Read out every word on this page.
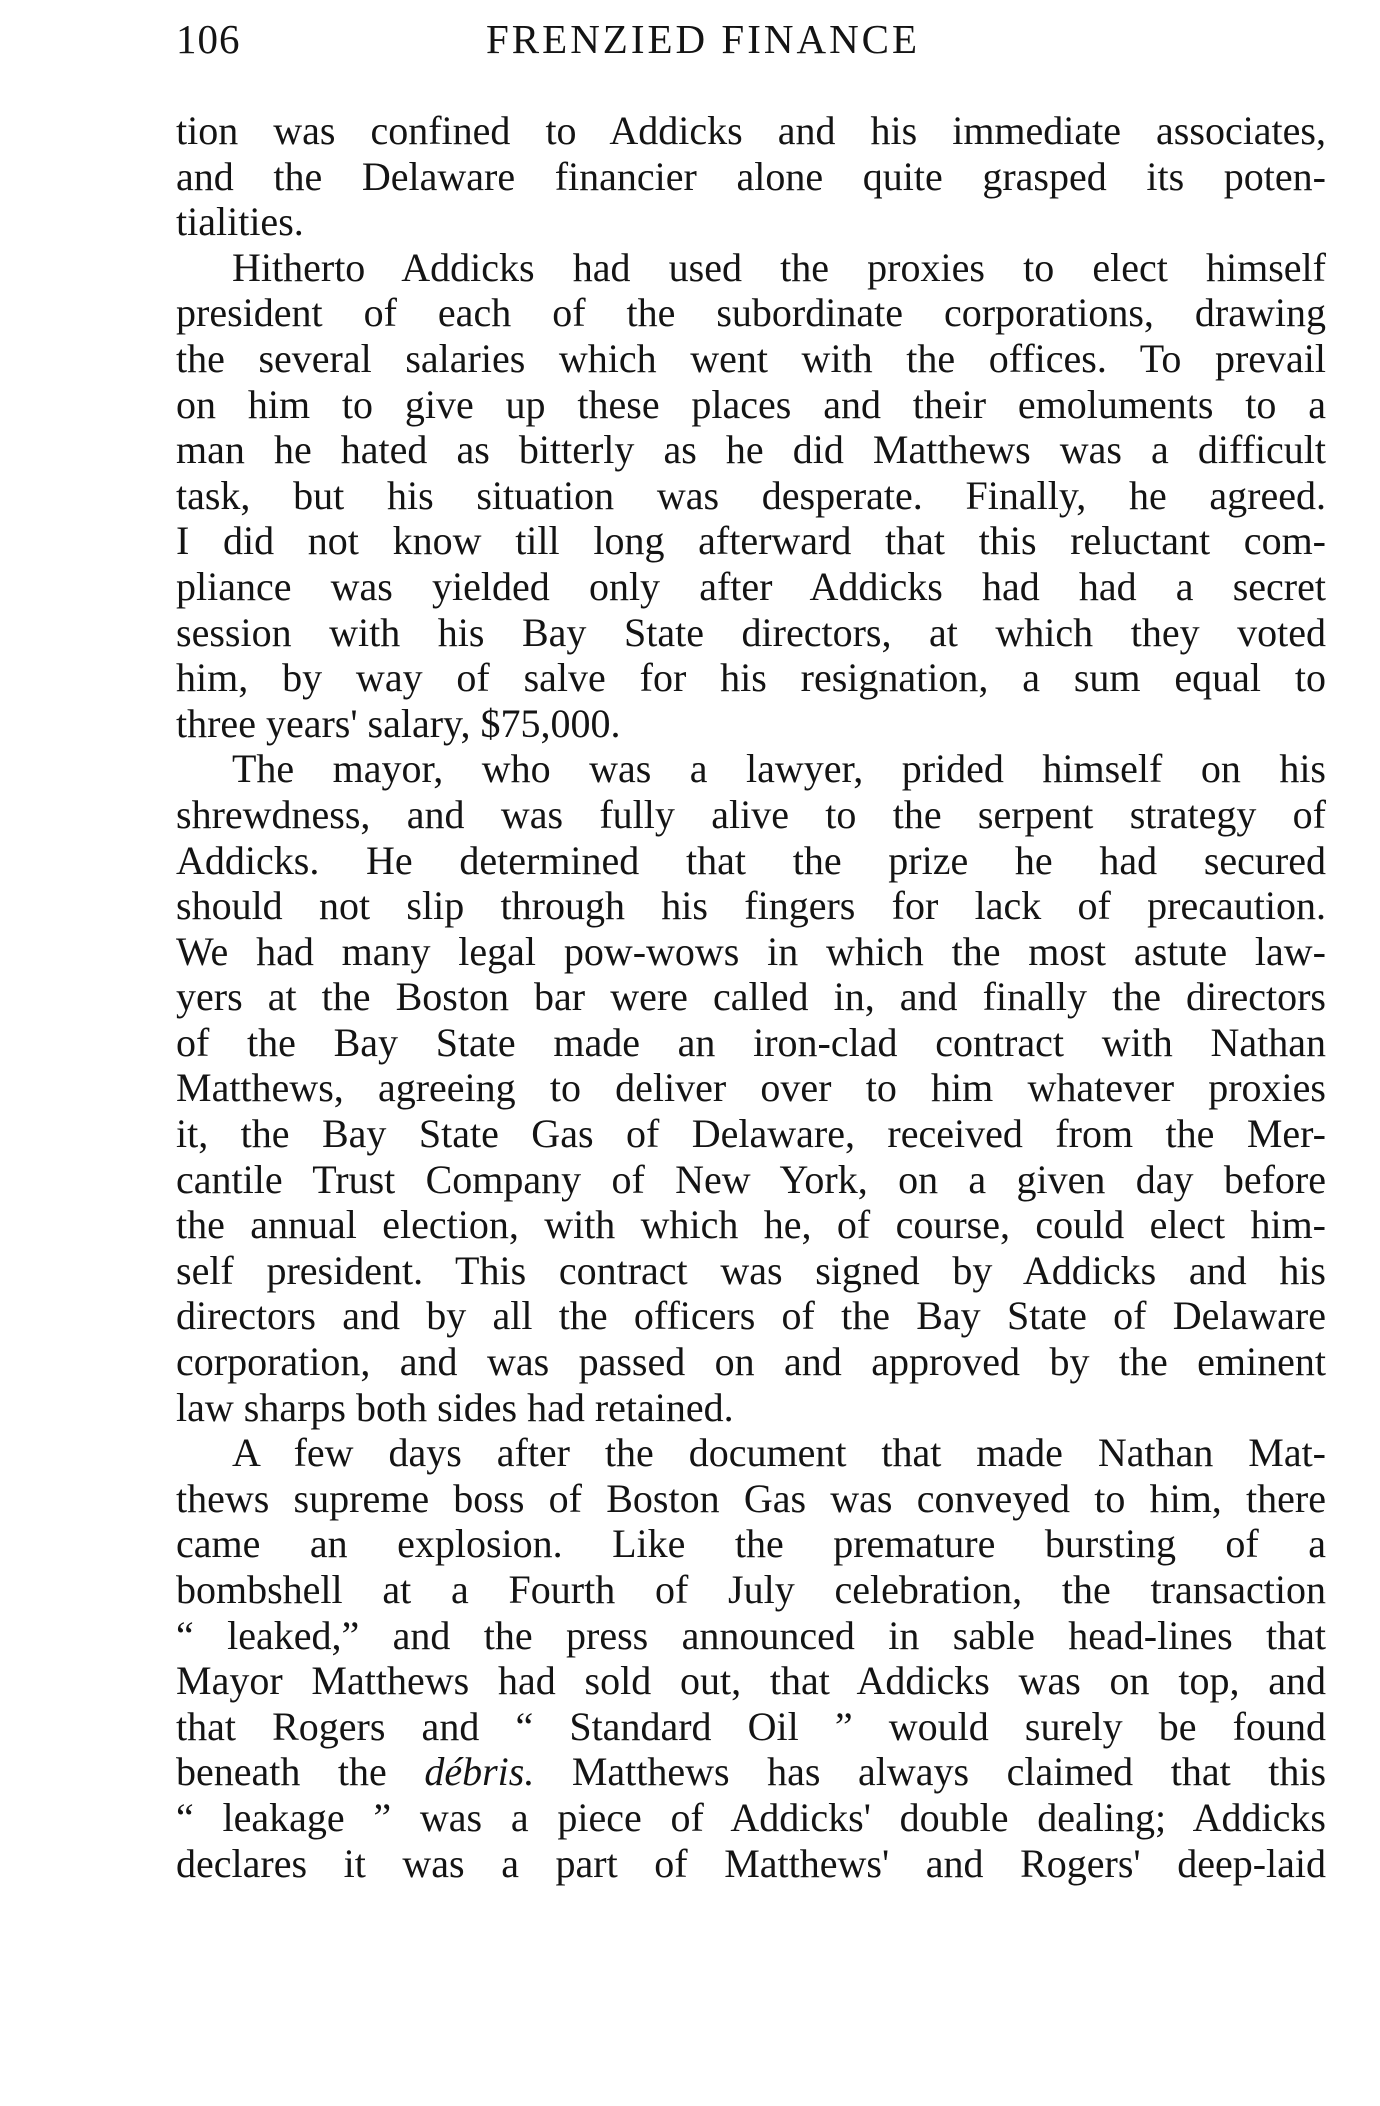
106	FRENZIED FINANCE
tion was confined to Addicks and his immediate associates,
and the Delaware financier alone quite grasped its poten-
tialities.
Hitherto Addicks had used the proxies to elect himself
president of each of the subordinate corporations, drawing
the several salaries which went with the offices. To prevail
on him to give up these places and their emoluments to a
man he hated as bitterly as he did Matthews was a difficult
task, but his situation was desperate. Finally, he agreed.
I did not know till long afterward that this reluctant com-
pliance was yielded only after Addicks had had a secret
session with his Bay State directors, at which they voted
him, by way of salve for his resignation, a sum equal to
three years' salary, $75,000.
The mayor, who was a lawyer, prided himself on his
shrewdness, and was fully alive to the serpent strategy of
Addicks. He determined that the prize he had secured
should not slip through his fingers for lack of precaution.
We had many legal pow-wows in which the most astute law-
yers at the Boston bar were called in, and finally the directors
of the Bay State made an iron-clad contract with Nathan
Matthews, agreeing to deliver over to him whatever proxies
it, the Bay State Gas of Delaware, received from the Mer-
cantile Trust Company of New York, on a given day before
the annual election, with which he, of course, could elect him-
self president. This contract was signed by Addicks and his
directors and by all the officers of the Bay State of Delaware
corporation, and was passed on and approved by the eminent
law sharps both sides had retained.
A few days after the document that made Nathan Mat-
thews supreme boss of Boston Gas was conveyed to him, there
came an explosion. Like the premature bursting of a
bombshell at a Fourth of July celebration, the transaction
“ leaked,” and the press announced in sable head-lines that
Mayor Matthews had sold out, that Addicks was on top, and
that Rogers and “ Standard Oil ” would surely be found
beneath the débris. Matthews has always claimed that this
“ leakage ” was a piece of Addicks' double dealing; Addicks
declares it was a part of Matthews' and Rogers' deep-laid
